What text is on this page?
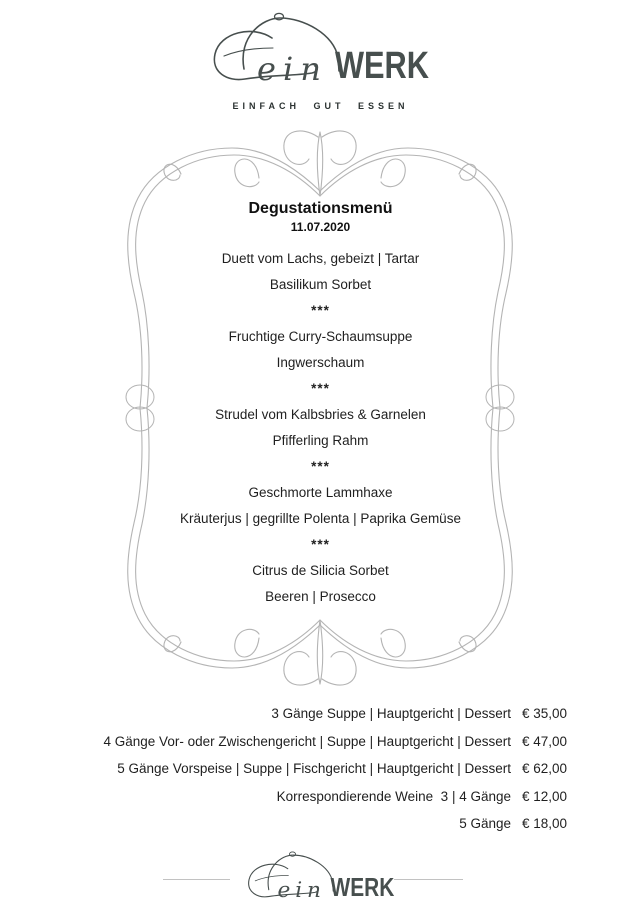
EINFACH GUT ESSEN
Degustationsmenü
11.07.2020
Duett vom Lachs, gebeizt | Tartar
Basilikum Sorbet
***
Fruchtige Curry-Schaumsuppe
Ingwerschaum
***
Strudel vom Kalbsbries & Garnelen
Pfifferling Rahm
***
Geschmorte Lammhaxe
Kräuterjus | gegrillte Polenta | Paprika Gemüse
***
Citrus de Silicia Sorbet
Beeren | Prosecco
3 Gänge Suppe | Hauptgericht | Dessert € 35,00
4 Gänge Vor- oder Zwischengericht | Suppe | Hauptgericht | Dessert € 47,00
5 Gänge Vorspeise | Suppe | Fischgericht | Hauptgericht | Dessert € 62,00
Korrespondierende Weine  3 | 4 Gänge € 12,00
5 Gänge € 18,00
